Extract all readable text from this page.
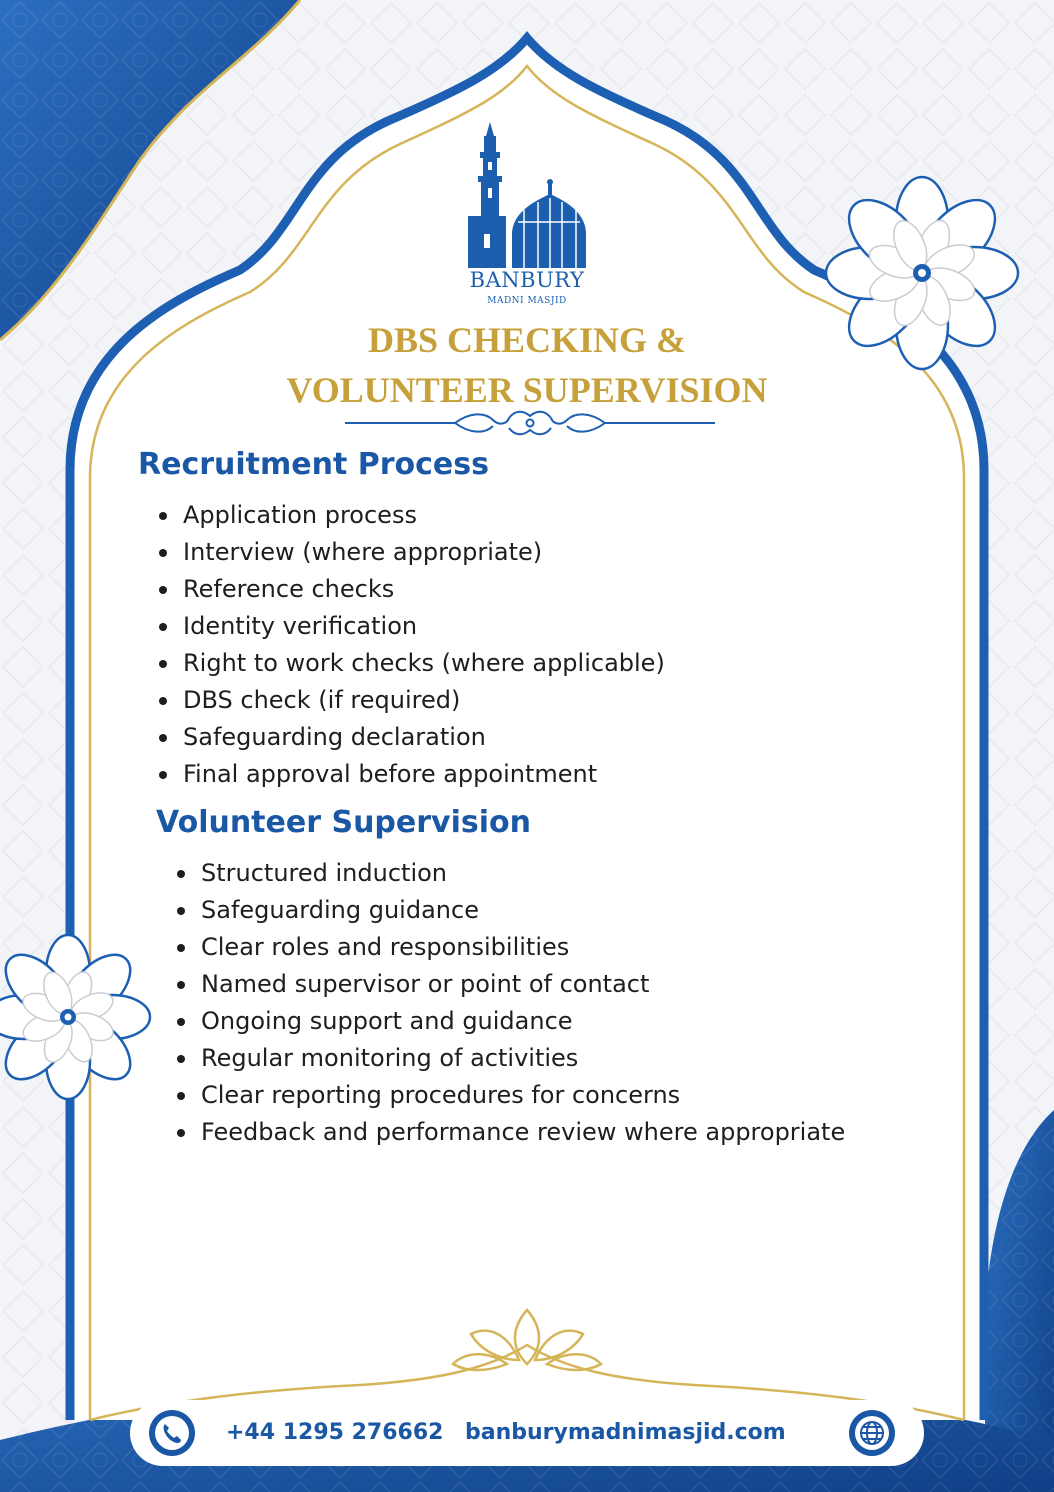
BANBURY
MADNI MASJID
DBS CHECKING &
VOLUNTEER SUPERVISION
Recruitment Process
Application process
Interview (where appropriate)
Reference checks
Identity verification
Right to work checks (where applicable)
DBS check (if required)
Safeguarding declaration
Final approval before appointment
Volunteer Supervision
Structured induction
Safeguarding guidance
Clear roles and responsibilities
Named supervisor or point of contact
Ongoing support and guidance
Regular monitoring of activities
Clear reporting procedures for concerns
Feedback and performance review where appropriate
+44 1295 276662 banburymadnimasjid.com
